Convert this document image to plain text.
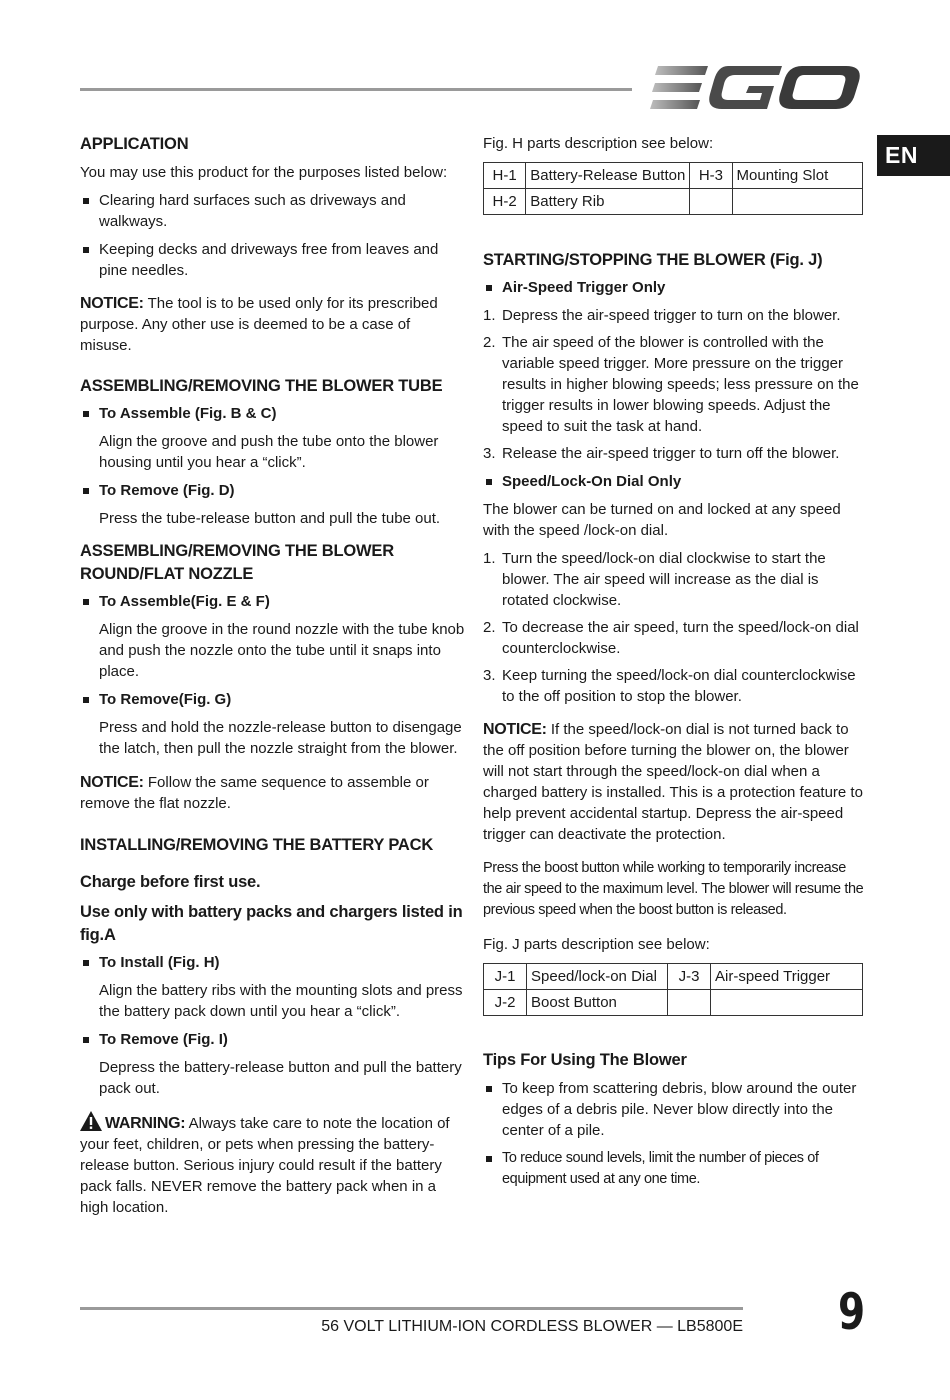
EN
APPLICATION

You may use this product for the purposes listed below:

Clearing hard surfaces such as driveways and walkways.
Keeping decks and driveways free from leaves and pine needles.

NOTICE: The tool is to be used only for its prescribed purpose. Any other use is deemed to be a case of misuse.

ASSEMBLING/REMOVING THE BLOWER TUBE
To Assemble (Fig. B & C)

Align the groove and push the tube onto the blower housing until you hear a “click”.

To Remove (Fig. D)

Press the tube-release button and pull the tube out.

ASSEMBLING/REMOVING THE BLOWER ROUND/FLAT NOZZLE
To Assemble(Fig. E & F)

Align the groove in the round nozzle with the tube knob and push the nozzle onto the tube until it snaps into place.

To Remove(Fig. G)

Press and hold the nozzle-release button to disengage the latch, then pull the nozzle straight from the blower.

NOTICE: Follow the same sequence to assemble or remove the flat nozzle.

INSTALLING/REMOVING THE BATTERY PACK
Charge before first use.
Use only with battery packs and chargers listed in fig.A
To Install (Fig. H)

Align the battery ribs with the mounting slots and press the battery pack down until you hear a “click”.

To Remove (Fig. I)

Depress the battery-release button and pull the battery pack out.

WARNING: Always take care to note the location of your feet, children, or pets when pressing the battery-release button. Serious injury could result if the battery pack falls. NEVER remove the battery pack when in a high location.

Fig. H parts description see below:

H-1	Battery-Release Button	H-3	Mounting Slot
H-2	Battery Rib		
STARTING/STOPPING THE BLOWER (Fig. J)
Air-Speed Trigger Only
1. Depress the air-speed trigger to turn on the blower.
2. The air speed of the blower is controlled with the variable speed trigger. More pressure on the trigger results in higher blowing speeds; less pressure on the trigger results in lower blowing speeds. Adjust the speed to suit the task at hand.
3. Release the air-speed trigger to turn off the blower.
Speed/Lock-On Dial Only

The blower can be turned on and locked at any speed with the speed /lock-on dial.

1. Turn the speed/lock-on dial clockwise to start the blower. The air speed will increase as the dial is rotated clockwise.
2. To decrease the air speed, turn the speed/lock-on dial counterclockwise.
3. Keep turning the speed/lock-on dial counterclockwise to the off position to stop the blower.

NOTICE: If the speed/lock-on dial is not turned back to the off position before turning the blower on, the blower will not start through the speed/lock-on dial when a charged battery is installed. This is a protection feature to help prevent accidental startup. Depress the air-speed trigger can deactivate the protection.

Press the boost button while working to temporarily increase the air speed to the maximum level. The blower will resume the previous speed when the boost button is released.

Fig. J parts description see below:

J-1	Speed/lock-on Dial	J-3	Air-speed Trigger
J-2	Boost Button		
Tips For Using The Blower
To keep from scattering debris, blow around the outer edges of a debris pile. Never blow directly into the center of a pile.
To reduce sound levels, limit the number of pieces of equipment used at any one time.
56 VOLT LITHIUM-ION CORDLESS BLOWER — LB5800E 9
